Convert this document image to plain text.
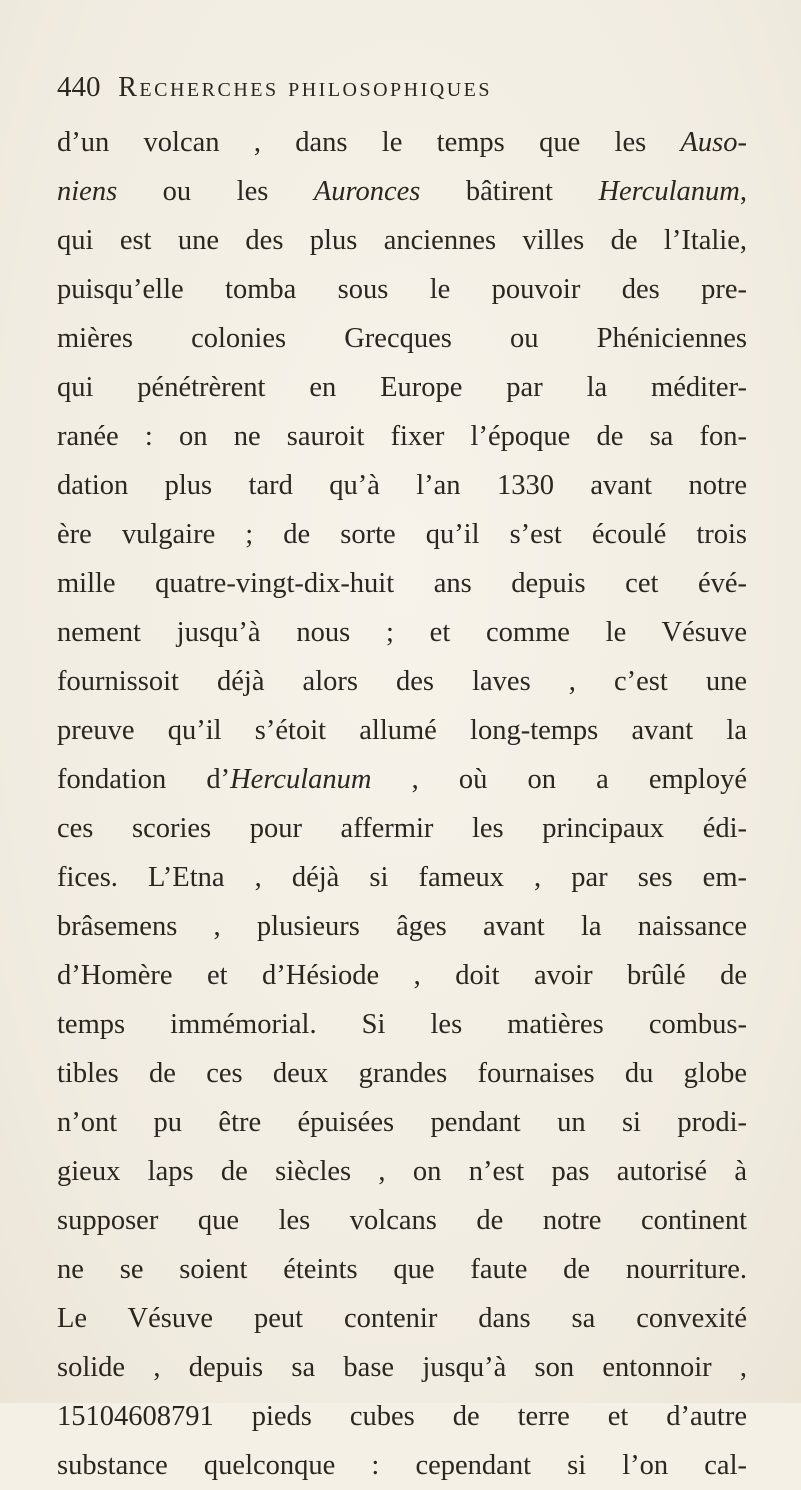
440 Recherches philosophiques
d’un volcan , dans le temps que les Auso-
niens ou les Auronces bâtirent Herculanum,
qui est une des plus anciennes villes de l’Italie,
puisqu’elle tomba sous le pouvoir des pre-
mières colonies Grecques ou Phéniciennes
qui pénétrèrent en Europe par la méditer-
ranée : on ne sauroit fixer l’époque de sa fon-
dation plus tard qu’à l’an 1330 avant notre
ère vulgaire ; de sorte qu’il s’est écoulé trois
mille quatre-vingt-dix-huit ans depuis cet évé-
nement jusqu’à nous ; et comme le Vésuve
fournissoit déjà alors des laves , c’est une
preuve qu’il s’étoit allumé long-temps avant la
fondation d’Herculanum , où on a employé
ces scories pour affermir les principaux édi-
fices. L’Etna , déjà si fameux , par ses em-
brâsemens , plusieurs âges avant la naissance
d’Homère et d’Hésiode , doit avoir brûlé de
temps immémorial. Si les matières combus-
tibles de ces deux grandes fournaises du globe
n’ont pu être épuisées pendant un si prodi-
gieux laps de siècles , on n’est pas autorisé à
supposer que les volcans de notre continent
ne se soient éteints que faute de nourriture.
Le Vésuve peut contenir dans sa convexité
solide , depuis sa base jusqu’à son entonnoir ,
15104608791 pieds cubes de terre et d’autre
substance quelconque : cependant si l’on cal-
